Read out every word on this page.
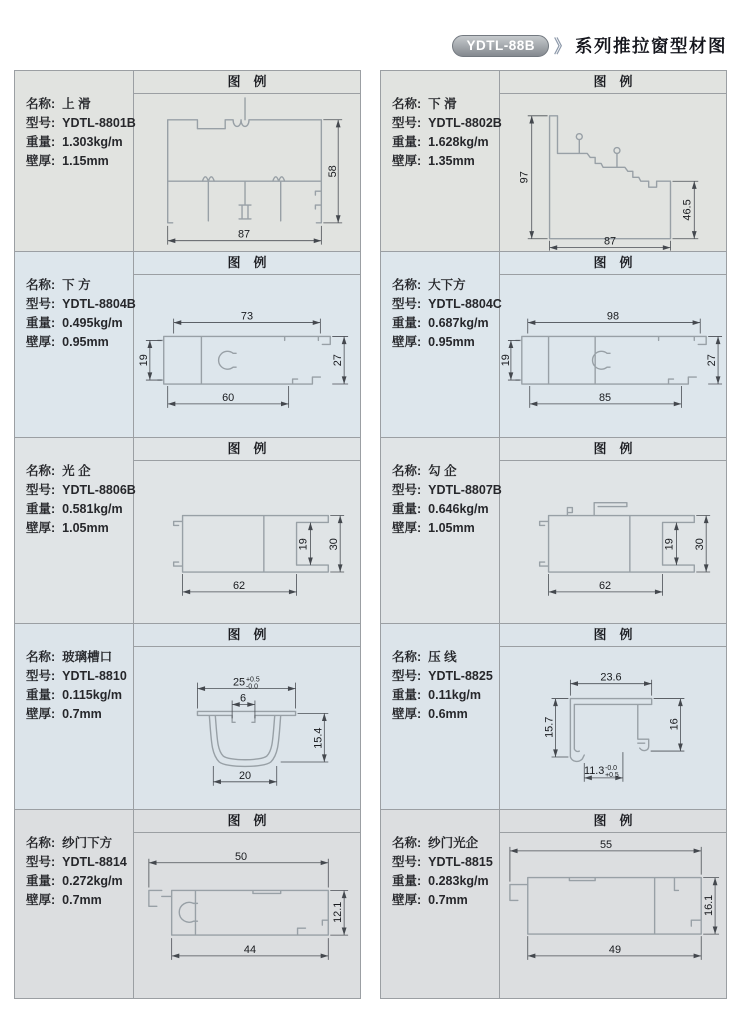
YDTL-88B	》 系列推拉窗型材图
名称: 上 滑
型号: YDTL-8801B
重量: 1.303kg/m
壁厚: 1.15mm
图　例
58
87
名称: 下 滑
型号: YDTL-8802B
重量: 1.628kg/m
壁厚: 1.35mm
图　例
97
46.5
87
名称: 下 方
型号: YDTL-8804B
重量: 0.495kg/m
壁厚: 0.95mm
图　例
73
19	27
60
名称: 大下方
型号: YDTL-8804C
重量: 0.687kg/m
壁厚: 0.95mm
图　例
98
19	27
85
名称: 光 企
型号: YDTL-8806B
重量: 0.581kg/m
壁厚: 1.05mm
图　例
19 30
62
名称: 勾 企
型号: YDTL-8807B
重量: 0.646kg/m
壁厚: 1.05mm
图　例
19 30
62
名称: 玻璃槽口
型号: YDTL-8810
重量: 0.115kg/m
壁厚: 0.7mm
图　例
25 +0.5
-0.0
6
15.4
20
名称: 压 线
型号: YDTL-8825
重量: 0.11kg/m
壁厚: 0.6mm
图　例
23.6
15.7	16
11.3 -0.0
+0.5
名称: 纱门下方
型号: YDTL-8814
重量: 0.272kg/m
壁厚: 0.7mm
图　例
50
12.1
44
名称: 纱门光企
型号: YDTL-8815
重量: 0.283kg/m
壁厚: 0.7mm
图　例
55
16.1
49
